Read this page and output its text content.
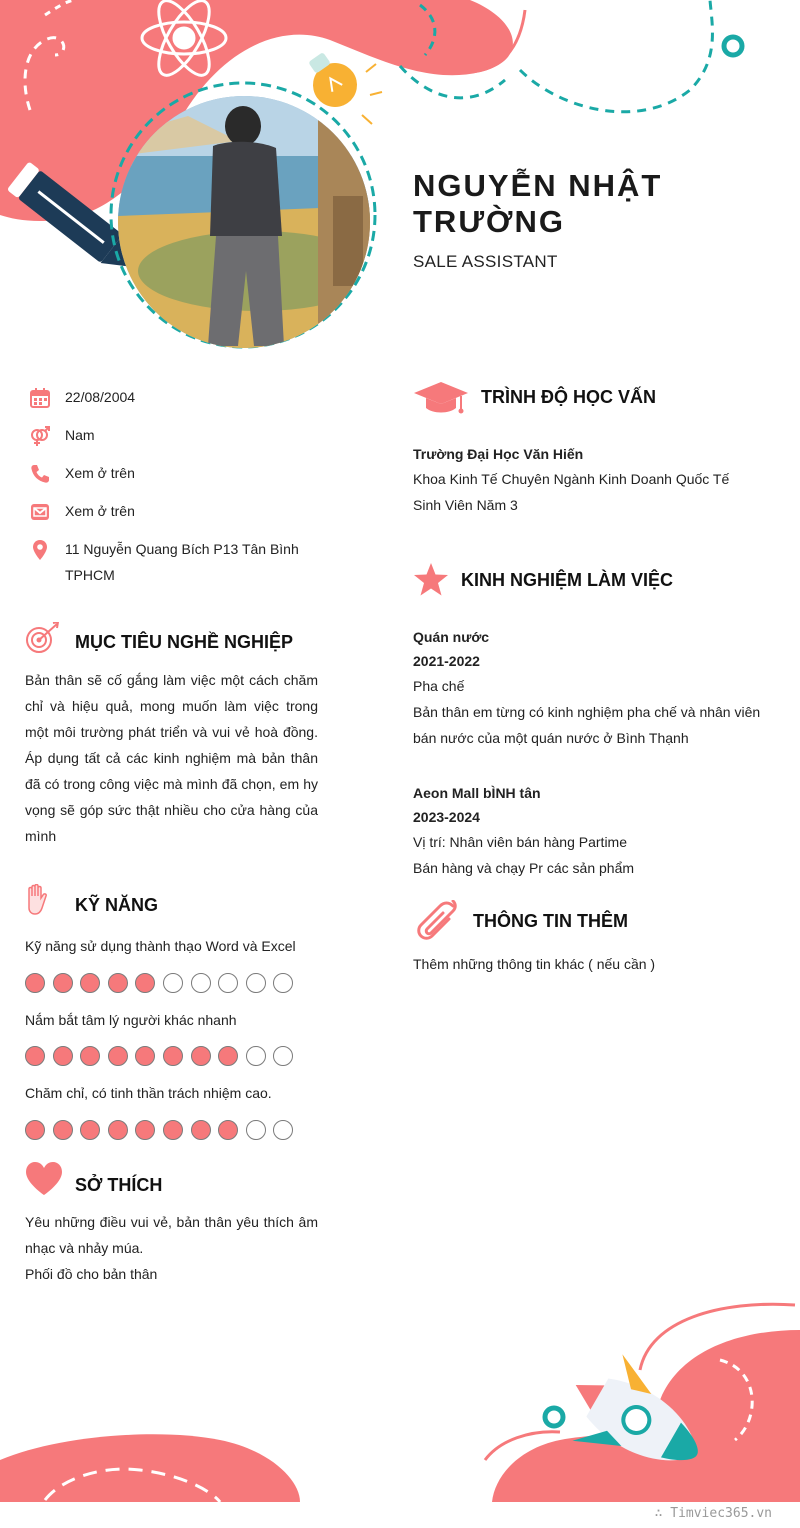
NGUYỄN NHẬT TRƯỜNG
SALE ASSISTANT
22/08/2004
Nam
Xem ở trên
Xem ở trên
11 Nguyễn Quang Bích P13 Tân Bình TPHCM
MỤC TIÊU NGHỀ NGHIỆP
Bản thân sẽ cố gắng làm việc một cách chăm chỉ và hiệu quả, mong muốn làm việc trong một môi trường phát triển và vui vẻ hoà đồng. Áp dụng tất cả các kinh nghiệm mà bản thân đã có trong công việc mà mình đã chọn, em hy vọng sẽ góp sức thật nhiều cho cửa hàng của mình
KỸ NĂNG
Kỹ năng sử dụng thành thạo Word và Excel
Nắm bắt tâm lý người khác nhanh
Chăm chỉ, có tinh thần trách nhiệm cao.
SỞ THÍCH
Yêu những điều vui vẻ, bản thân yêu thích âm nhạc và nhảy múa.
Phối đồ cho bản thân
TRÌNH ĐỘ HỌC VẤN
Trường Đại Học Văn Hiến
Khoa Kinh Tế Chuyên Ngành Kinh Doanh Quốc Tế
Sinh Viên Năm 3
KINH NGHIỆM LÀM VIỆC
Quán nước
2021-2022
Pha chế
Bản thân em từng có kinh nghiệm pha chế và nhân viên bán nước của một quán nước ở Bình Thạnh
Aeon Mall bÌNH tân
2023-2024
Vị trí: Nhân viên bán hàng Partime
Bán hàng và chạy Pr các sản phẩm
THÔNG TIN THÊM
Thêm những thông tin khác ( nếu cần )
∴ Timviec365.vn
